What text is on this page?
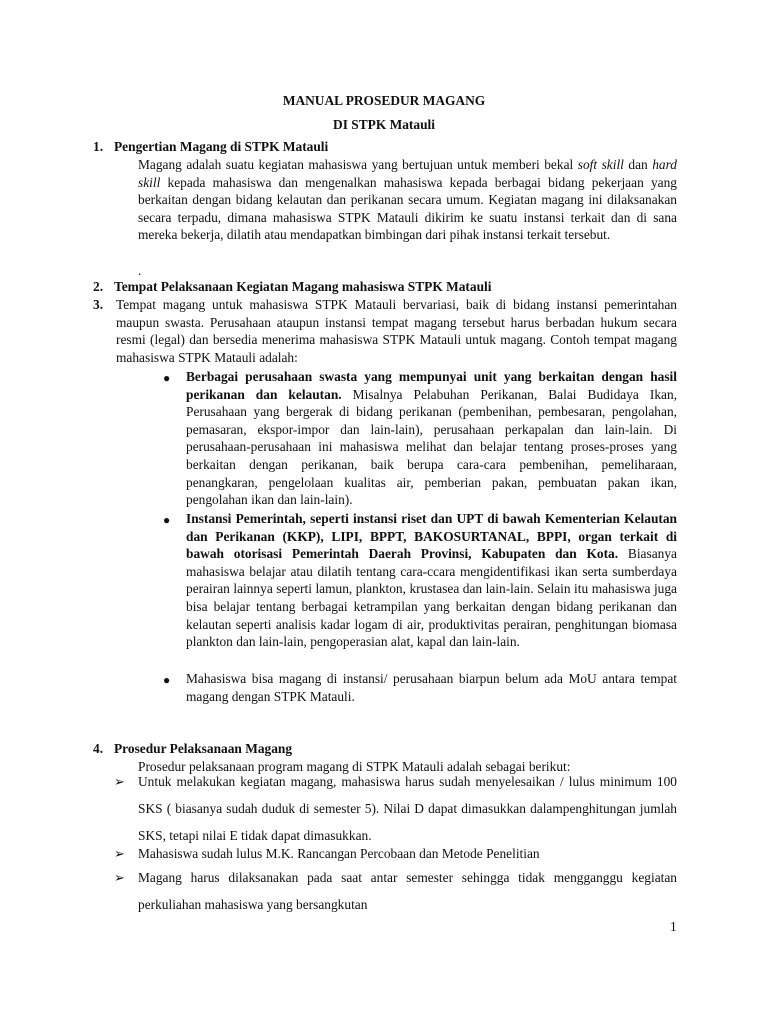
MANUAL PROSEDUR MAGANG
DI STPK Matauli
1. Pengertian Magang di STPK Matauli
Magang adalah suatu kegiatan mahasiswa yang bertujuan untuk memberi bekal soft skill dan hard skill kepada mahasiswa dan mengenalkan mahasiswa kepada berbagai bidang pekerjaan yang berkaitan dengan bidang kelautan dan perikanan secara umum. Kegiatan magang ini dilaksanakan secara terpadu, dimana mahasiswa STPK Matauli dikirim ke suatu instansi terkait dan di sana mereka bekerja, dilatih atau mendapatkan bimbingan dari pihak instansi terkait tersebut.
.
2. Tempat Pelaksanaan Kegiatan Magang mahasiswa STPK Matauli
3. Tempat magang untuk mahasiswa STPK Matauli bervariasi, baik di bidang instansi pemerintahan maupun swasta. Perusahaan ataupun instansi tempat magang tersebut harus berbadan hukum secara resmi (legal) dan bersedia menerima mahasiswa STPK Matauli untuk magang. Contoh tempat magang mahasiswa STPK Matauli adalah:
● Berbagai perusahaan swasta yang mempunyai unit yang berkaitan dengan hasil perikanan dan kelautan. Misalnya Pelabuhan Perikanan, Balai Budidaya Ikan, Perusahaan yang bergerak di bidang perikanan (pembenihan, pembesaran, pengolahan, pemasaran, ekspor-impor dan lain-lain), perusahaan perkapalan dan lain-lain. Di perusahaan-perusahaan ini mahasiswa melihat dan belajar tentang proses-proses yang berkaitan dengan perikanan, baik berupa cara-cara pembenihan, pemeliharaan, penangkaran, pengelolaan kualitas air, pemberian pakan, pembuatan pakan ikan, pengolahan ikan dan lain-lain).
● Instansi Pemerintah, seperti instansi riset dan UPT di bawah Kementerian Kelautan dan Perikanan (KKP), LIPI, BPPT, BAKOSURTANAL, BPPI, organ terkait di bawah otorisasi Pemerintah Daerah Provinsi, Kabupaten dan Kota. Biasanya mahasiswa belajar atau dilatih tentang cara-ccara mengidentifikasi ikan serta sumberdaya perairan lainnya seperti lamun, plankton, krustasea dan lain-lain. Selain itu mahasiswa juga bisa belajar tentang berbagai ketrampilan yang berkaitan dengan bidang perikanan dan kelautan seperti analisis kadar logam di air, produktivitas perairan, penghitungan biomasa plankton dan lain-lain, pengoperasian alat, kapal dan lain-lain.
● Mahasiswa bisa magang di instansi/ perusahaan biarpun belum ada MoU antara tempat magang dengan STPK Matauli.
4. Prosedur Pelaksanaan Magang
Prosedur pelaksanaan program magang di STPK Matauli adalah sebagai berikut:
➢ Untuk melakukan kegiatan magang, mahasiswa harus sudah menyelesaikan / lulus minimum 100 SKS ( biasanya sudah duduk di semester 5). Nilai D dapat dimasukkan dalampenghitungan jumlah SKS, tetapi nilai E tidak dapat dimasukkan.
➢ Mahasiswa sudah lulus M.K. Rancangan Percobaan dan Metode Penelitian
➢ Magang harus dilaksanakan pada saat antar semester sehingga tidak mengganggu kegiatan perkuliahan mahasiswa yang bersangkutan
1
